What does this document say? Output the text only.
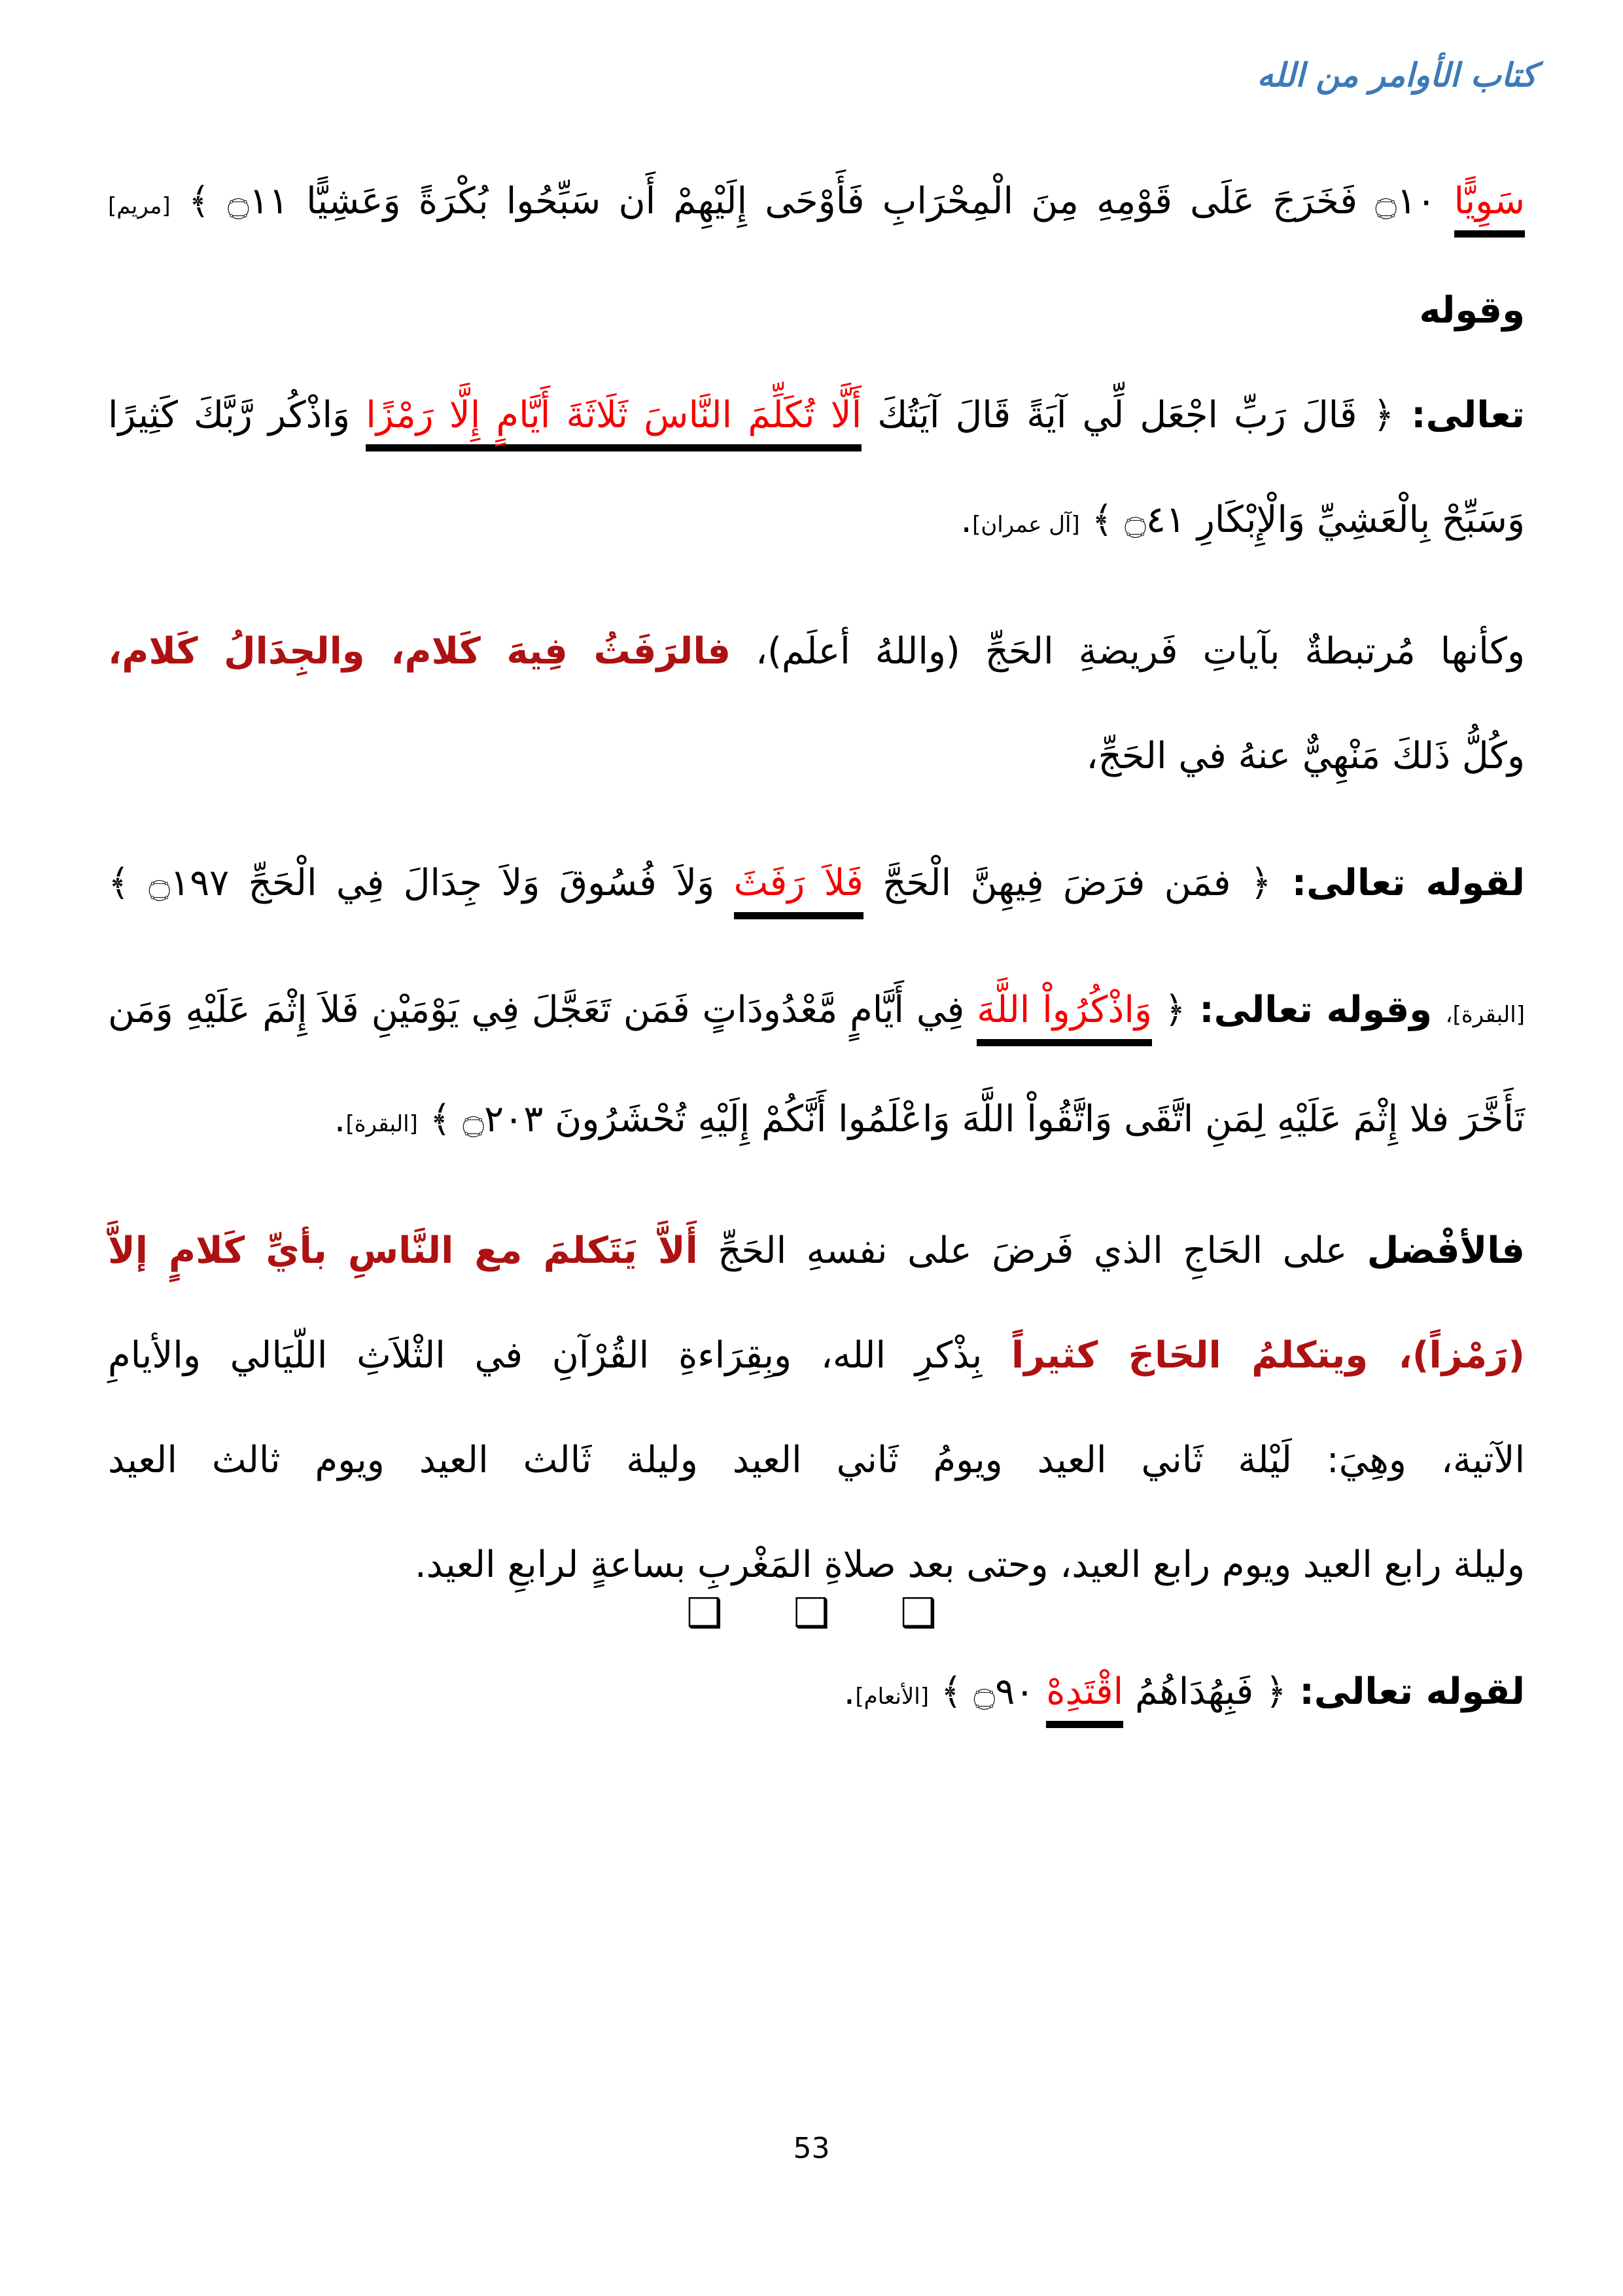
كتاب الأوامر من الله
سَوِيًّا ۝١٠ فَخَرَجَ عَلَى قَوْمِهِ مِنَ الْمِحْرَابِ فَأَوْحَى إِلَيْهِمْ أَن سَبِّحُوا بُكْرَةً وَعَشِيًّا ۝١١ ﴾ [مريم] وقوله
تعالى: ﴿ قَالَ رَبِّ اجْعَل لِّي آيَةً قَالَ آيَتُكَ أَلَّا تُكَلِّمَ النَّاسَ ثَلَاثَةَ أَيَّامٍ إِلَّا رَمْزًا وَاذْكُر رَّبَّكَ كَثِيرًا
وَسَبِّحْ بِالْعَشِيِّ وَالْإِبْكَارِ ۝٤١ ﴾ [آل عمران].
وكأنها مُرتبطةٌ بآياتِ فَريضةِ الحَجِّ (واللهُ أعلَم)، فالرَفَثُ فِيهَ كَلام، والجِدَالُ كَلام،
وكُلُّ ذَلكَ مَنْهِيٌّ عنهُ في الحَجِّ،
لقوله تعالى: ﴿ فمَن فرَضَ فِيهِنَّ الْحَجَّ فَلاَ رَفَثَ وَلاَ فُسُوقَ وَلاَ جِدَالَ فِي الْحَجِّ ۝١٩٧ ﴾
[البقرة]، وقوله تعالى: ﴿ وَاذْكُرُواْ اللَّهَ فِي أَيَّامٍ مَّعْدُودَاتٍ فَمَن تَعَجَّلَ فِي يَوْمَيْنِ فَلاَ إِثْمَ عَلَيْهِ وَمَن
تَأَخَّرَ فلا إِثْمَ عَلَيْهِ لِمَنِ اتَّقَى وَاتَّقُواْ اللَّهَ وَاعْلَمُوا أَنَّكُمْ إِلَيْهِ تُحْشَرُونَ ۝٢٠٣ ﴾ [البقرة].
فالأفْضل على الحَاجِ الذي فَرضَ على نفسهِ الحَجِّ أَلاَّ يَتَكلمَ مع النَّاسِ بأيِّ كَلامٍ إلاَّ
(رَمْزاً)، ويتكلمُ الحَاجَ كثيراً بِذْكرِ الله، وبِقِرَاءةِ القُرْآنِ في الثْلاَثِ اللّيَالي والأيامِ
الآتية، وهِيَ: لَيْلة ثَاني العيد ويومُ ثَاني العيد وليلة ثَالث العيد ويوم ثالث العيد
وليلة رابع العيد ويوم رابع العيد، وحتى بعد صلاةِ المَغْربِ بساعةٍ لرابعِ العيد.
لقوله تعالى: ﴿ فَبِهُدَاهُمُ اقْتَدِهْ ۝٩٠ ﴾ [الأنعام].
❑ ❑ ❑
53
